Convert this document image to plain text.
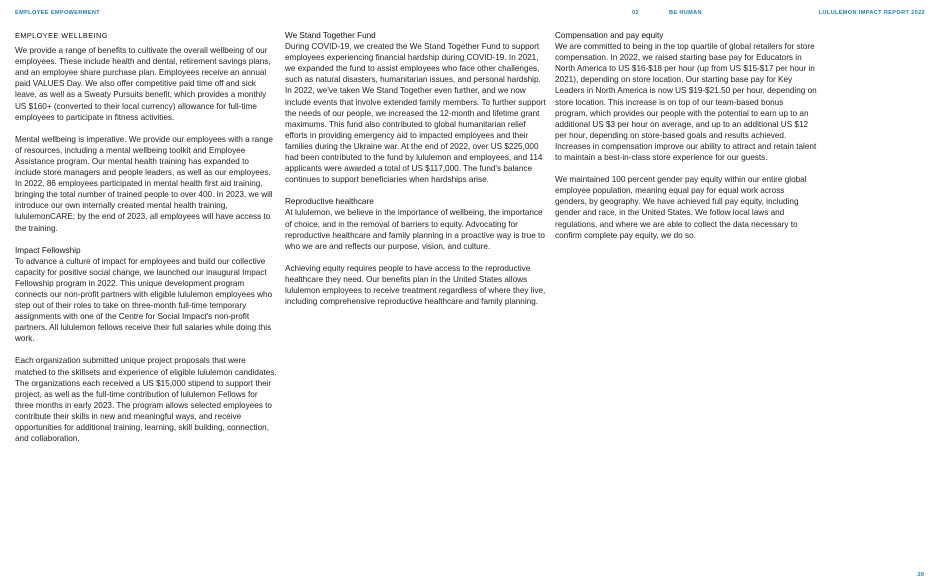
EMPLOYEE EMPOWERMENT	02	BE HUMAN	LULULEMON IMPACT REPORT 2022
EMPLOYEE WELLBEING

We provide a range of benefits to cultivate the overall wellbeing of our employees. These include health and dental, retirement savings plans, and an employee share purchase plan. Employees receive an annual paid VALUES Day. We also offer competitive paid time off and sick leave, as well as a Sweaty Pursuits benefit, which provides a monthly US $160+ (converted to their local currency) allowance for full-time employees to participate in fitness activities.

Mental wellbeing is imperative. We provide our employees with a range of resources, including a mental wellbeing toolkit and Employee Assistance program. Our mental health training has expanded to include store managers and people leaders, as well as our employees. In 2022, 86 employees participated in mental health first aid training, bringing the total number of trained people to over 400. In 2023, we will introduce our own internally created mental health training, lululemonCARE; by the end of 2023, all employees will have access to the training.

Impact Fellowship

To advance a culture of impact for employees and build our collective capacity for positive social change, we launched our inaugural Impact Fellowship program in 2022. This unique development program connects our non-profit partners with eligible lululemon employees who step out of their roles to take on three-month full-time temporary assignments with one of the Centre for Social Impact's non-profit partners. All lululemon fellows receive their full salaries while doing this work.

Each organization submitted unique project proposals that were matched to the skillsets and experience of eligible lululemon candidates. The organizations each received a US $15,000 stipend to support their project, as well as the full-time contribution of lululemon Fellows for three months in early 2023. The program allows selected employees to contribute their skills in new and meaningful ways, and receive opportunities for additional training, learning, skill building, connection, and collaboration.

We Stand Together Fund

During COVID-19, we created the We Stand Together Fund to support employees experiencing financial hardship during COVID-19. In 2021, we expanded the fund to assist employees who face other challenges, such as natural disasters, humanitarian issues, and personal hardship. In 2022, we've taken We Stand Together even further, and we now include events that involve extended family members. To further support the needs of our people, we increased the 12-month and lifetime grant maximums. This fund also contributed to global humanitarian relief efforts in providing emergency aid to impacted employees and their families during the Ukraine war. At the end of 2022, over US $225,000 had been contributed to the fund by lululemon and employees, and 114 applicants were awarded a total of US $117,000. The fund's balance continues to support beneficiaries when hardships arise.

Reproductive healthcare

At lululemon, we believe in the importance of wellbeing, the importance of choice, and in the removal of barriers to equity. Advocating for reproductive healthcare and family planning in a proactive way is true to who we are and reflects our purpose, vision, and culture.

Achieving equity requires people to have access to the reproductive healthcare they need. Our benefits plan in the United States allows lululemon employees to receive treatment regardless of where they live, including comprehensive reproductive healthcare and family planning.

Compensation and pay equity

We are committed to being in the top quartile of global retailers for store compensation. In 2022, we raised starting base pay for Educators in North America to US $16-$18 per hour (up from US $15-$17 per hour in 2021), depending on store location. Our starting base pay for Key Leaders in North America is now US $19-$21.50 per hour, depending on store location. This increase is on top of our team-based bonus program, which provides our people with the potential to earn up to an additional US $3 per hour on average, and up to an additional US $12 per hour, depending on store-based goals and results achieved. Increases in compensation improve our ability to attract and retain talent to maintain a best-in-class store experience for our guests.

We maintained 100 percent gender pay equity within our entire global employee population, meaning equal pay for equal work across genders, by geography. We have achieved full pay equity, including gender and race, in the United States. We follow local laws and regulations, and where we are able to collect the data necessary to confirm complete pay equity, we do so.

29
